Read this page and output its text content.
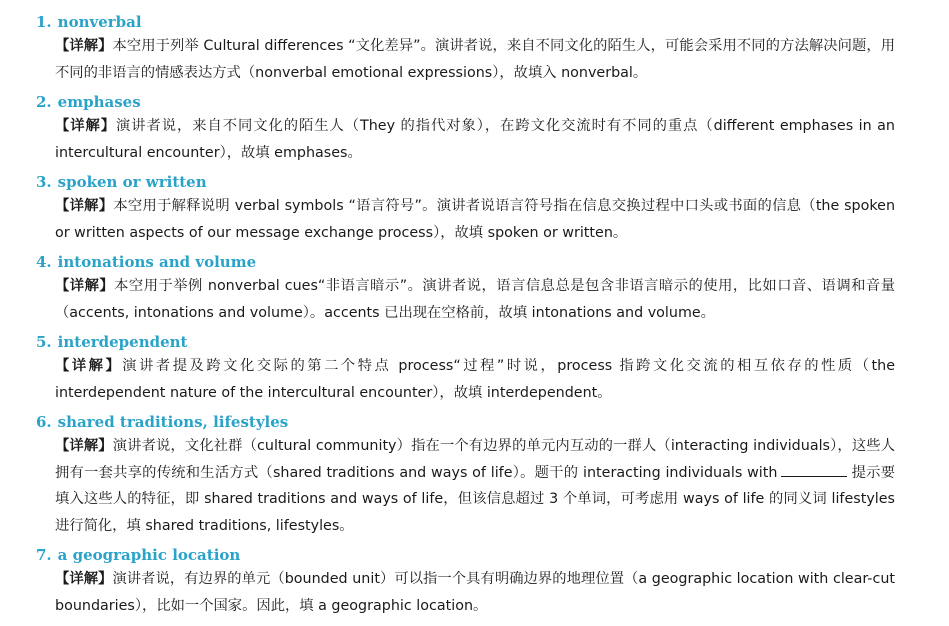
1. nonverbal
【详解】本空用于列举 Cultural differences “文化差异”。演讲者说，来自不同文化的陌生人，可能会采用不同的方法解决问题，用不同的非语言的情感表达方式（nonverbal emotional expressions），故填入 nonverbal。
2. emphases
【详解】演讲者说，来自不同文化的陌生人（They 的指代对象），在跨文化交流时有不同的重点（different emphases in an intercultural encounter），故填 emphases。
3. spoken or written
【详解】本空用于解释说明 verbal symbols “语言符号”。演讲者说语言符号指在信息交换过程中口头或书面的信息（the spoken or written aspects of our message exchange process），故填 spoken or written。
4. intonations and volume
【详解】本空用于举例 nonverbal cues“非语言暗示”。演讲者说，语言信息总是包含非语言暗示的使用，比如口音、语调和音量（accents, intonations and volume）。accents 已出现在空格前，故填 intonations and volume。
5. interdependent
【详解】演讲者提及跨文化交际的第二个特点 process“过程”时说，process 指跨文化交流的相互依存的性质（the interdependent nature of the intercultural encounter），故填 interdependent。
6. shared traditions, lifestyles
【详解】演讲者说，文化社群（cultural community）指在一个有边界的单元内互动的一群人（interacting individuals），这些人拥有一套共享的传统和生活方式（shared traditions and ways of life）。题干的 interacting individuals with	提示要填入这些人的特征，即 shared traditions and ways of life，但该信息超过 3 个单词，可考虑用 ways of life 的同义词 lifestyles 进行简化，填 shared traditions, lifestyles。
7. a geographic location
【详解】演讲者说，有边界的单元（bounded unit）可以指一个具有明确边界的地理位置（a geographic location with clear-cut boundaries），比如一个国家。因此，填 a geographic location。
